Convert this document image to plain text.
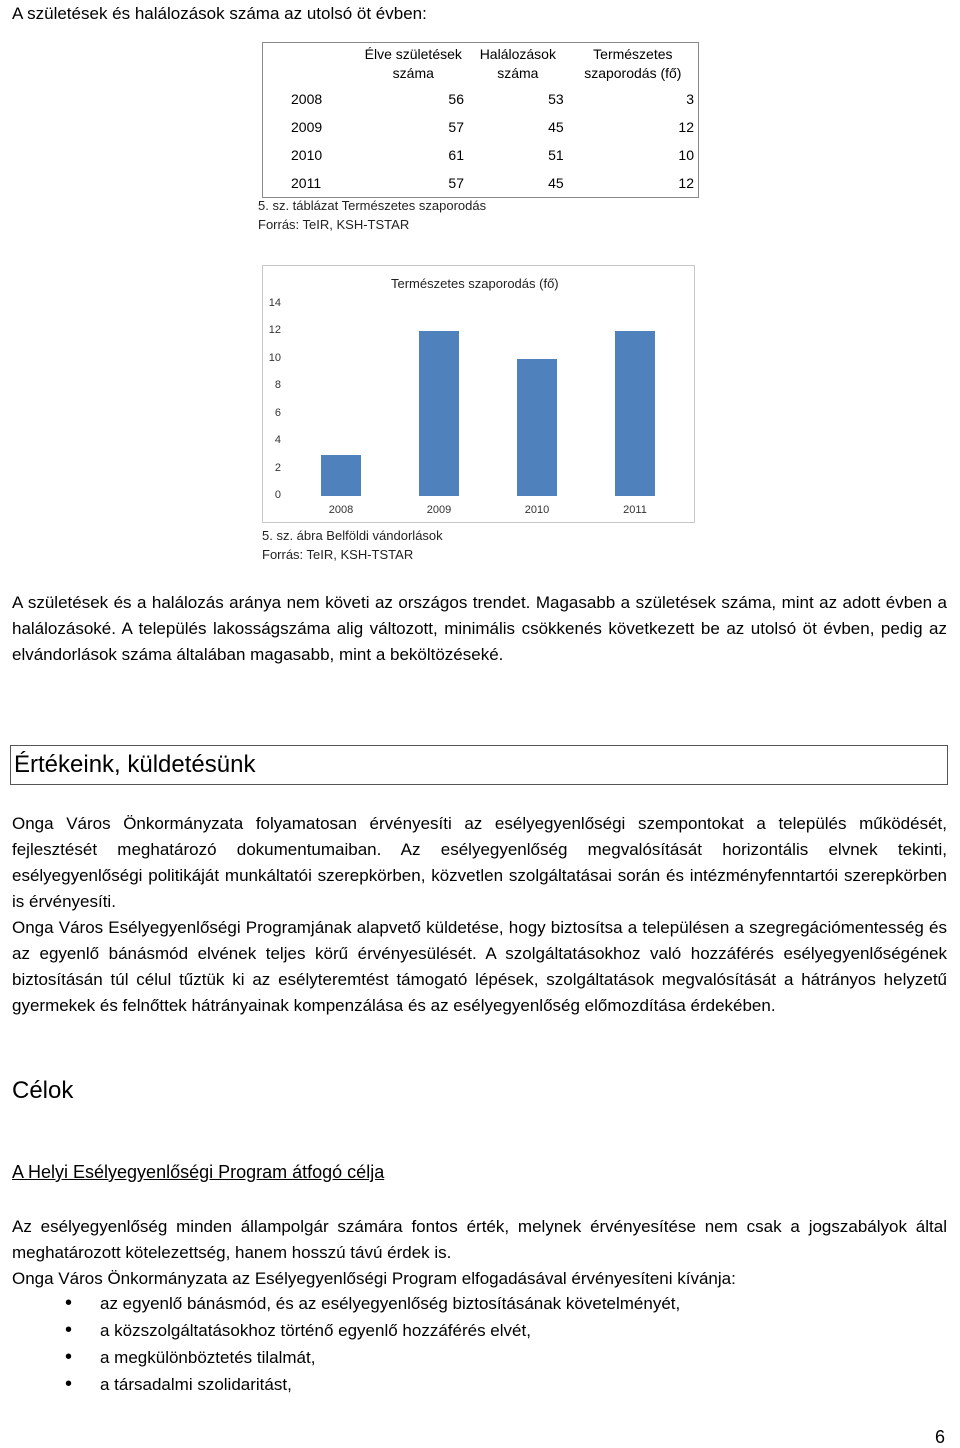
A születések és halálozások száma az utolsó öt évben:
	Élve születések száma	Halálozások száma	Természetes szaporodás (fő)
2008	56	53	3
2009	57	45	12
2010	61	51	10
2011	57	45	12
5. sz. táblázat Természetes szaporodás
Forrás: TeIR, KSH-TSTAR
Természetes szaporodás (fő)
14
12
10
8
6
4
2
0
2008	2009	2010	2011
5. sz. ábra Belföldi vándorlások
Forrás: TeIR, KSH-TSTAR

A születések és a halálozás aránya nem követi az országos trendet. Magasabb a születések száma, mint az adott évben a halálozásoké. A település lakosságszáma alig változott, minimális csökkenés következett be az utolsó öt évben, pedig az elvándorlások száma általában magasabb, mint a beköltözéseké.

Értékeink, küldetésünk

Onga Város Önkormányzata folyamatosan érvényesíti az esélyegyenlőségi szempontokat a település működését, fejlesztését meghatározó dokumentumaiban. Az esélyegyenlőség megvalósítását horizontális elvnek tekinti, esélyegyenlőségi politikáját munkáltatói szerepkörben, közvetlen szolgáltatásai során és intézményfenntartói szerepkörben is érvényesíti.

Onga Város Esélyegyenlőségi Programjának alapvető küldetése, hogy biztosítsa a településen a szegregációmentesség és az egyenlő bánásmód elvének teljes körű érvényesülését. A szolgáltatásokhoz való hozzáférés esélyegyenlőségének biztosításán túl célul tűztük ki az esélyteremtést támogató lépések, szolgáltatások megvalósítását a hátrányos helyzetű gyermekek és felnőttek hátrányainak kompenzálása és az esélyegyenlőség előmozdítása érdekében.

Célok
A Helyi Esélyegyenlőségi Program átfogó célja

Az esélyegyenlőség minden állampolgár számára fontos érték, melynek érvényesítése nem csak a jogszabályok által meghatározott kötelezettség, hanem hosszú távú érdek is.

Onga Város Önkormányzata az Esélyegyenlőségi Program elfogadásával érvényesíteni kívánja:

• az egyenlő bánásmód, és az esélyegyenlőség biztosításának követelményét,
• a közszolgáltatásokhoz történő egyenlő hozzáférés elvét,
• a megkülönböztetés tilalmát,
• a társadalmi szolidaritást,
6
